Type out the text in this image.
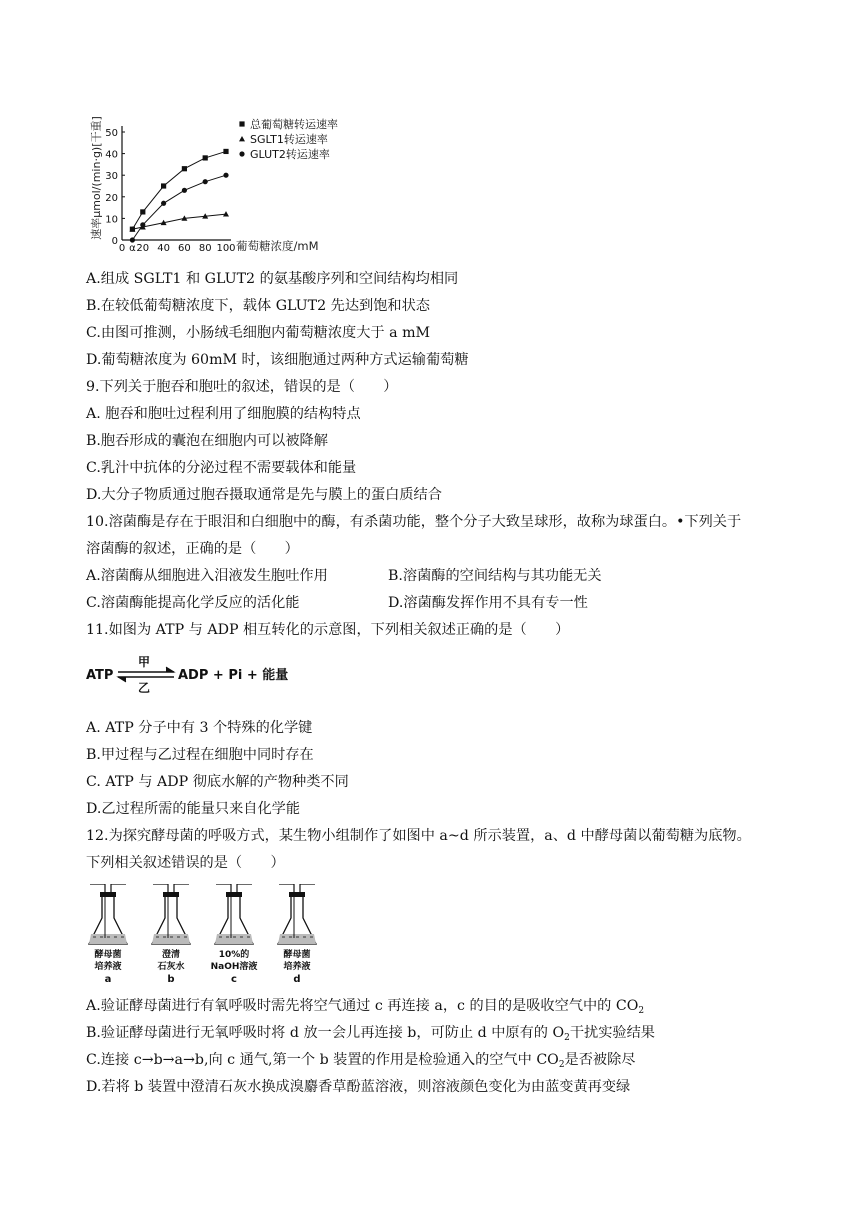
速率μmol/(min·g)[干重]
0
10
20
30
40
50
0 α 20 40 60 80 100 葡萄糖浓度/mM
总葡萄糖转运速率
SGLT1转运速率
GLUT2转运速率
A.组成 SGLT1 和 GLUT2 的氨基酸序列和空间结构均相同
B.在较低葡萄糖浓度下，载体 GLUT2 先达到饱和状态
C.由图可推测，小肠绒毛细胞内葡萄糖浓度大于 a mM
D.葡萄糖浓度为 60mM 时，该细胞通过两种方式运输葡萄糖
9.下列关于胞吞和胞吐的叙述，错误的是（　　）
A. 胞吞和胞吐过程利用了细胞膜的结构特点
B.胞吞形成的囊泡在细胞内可以被降解
C.乳汁中抗体的分泌过程不需要载体和能量
D.大分子物质通过胞吞摄取通常是先与膜上的蛋白质结合
10.溶菌酶是存在于眼泪和白细胞中的酶，有杀菌功能，整个分子大致呈球形，故称为球蛋白。•下列关于
溶菌酶的叙述，正确的是（　　）
A.溶菌酶从细胞进入泪液发生胞吐作用	B.溶菌酶的空间结构与其功能无关
C.溶菌酶能提高化学反应的活化能	D.溶菌酶发挥作用不具有专一性
11.如图为 ATP 与 ADP 相互转化的示意图，下列相关叙述正确的是（　　）
ATP
甲
乙
ADP + Pi + 能量
A. ATP 分子中有 3 个特殊的化学键
B.甲过程与乙过程在细胞中同时存在
C. ATP 与 ADP 彻底水解的产物种类不同
D.乙过程所需的能量只来自化学能
12.为探究酵母菌的呼吸方式，某生物小组制作了如图中 a~d 所示装置，a、d 中酵母菌以葡萄糖为底物。
下列相关叙述错误的是（　　）
酵母菌
培养液
a
澄清
石灰水
b
10%的
NaOH溶液
c
酵母菌
培养液
d
A.验证酵母菌进行有氧呼吸时需先将空气通过 c 再连接 a，c 的目的是吸收空气中的 $CO_2$
B.验证酵母菌进行无氧呼吸时将 d 放一会儿再连接 b，可防止 d 中原有的 $O_2$干扰实验结果
C.连接 c→b→a→b,向 c 通气,第一个 b 装置的作用是检验通入的空气中 $CO_2$是否被除尽
D.若将 b 装置中澄清石灰水换成溴麝香草酚蓝溶液，则溶液颜色变化为由蓝变黄再变绿
